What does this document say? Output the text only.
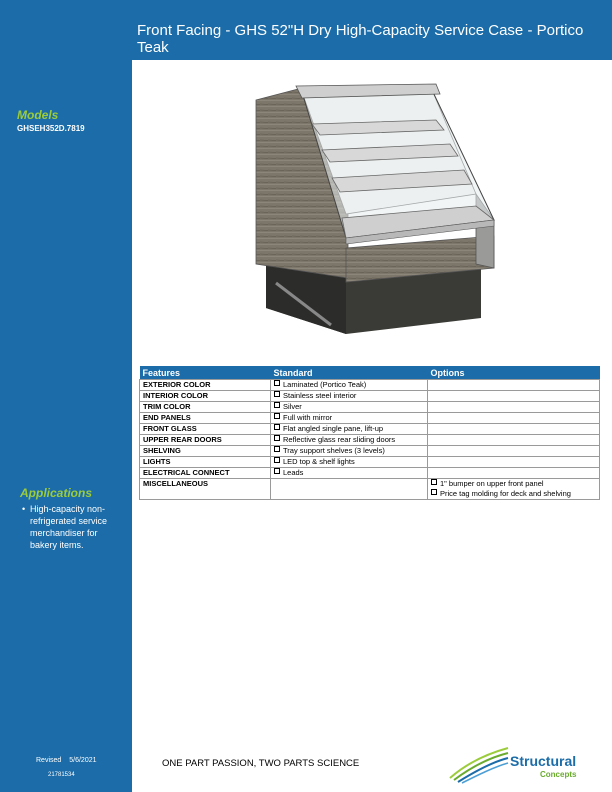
Front Facing - GHS 52"H Dry High-Capacity Service Case - Portico Teak
Models
GHSEH352D.7819
Applications
• High-capacity non-refrigerated service merchandiser for bakery items.
Revised 5/6/2021
21781534
Features	Standard	Options
EXTERIOR COLOR	Laminated (Portico Teak)	
INTERIOR COLOR	Stainless steel interior	
TRIM COLOR	Silver	
END PANELS	Full with mirror	
FRONT GLASS	Flat angled single pane, lift-up	
UPPER REAR DOORS	Reflective glass rear sliding doors	
SHELVING	Tray support shelves (3 levels)	
LIGHTS	LED top & shelf lights	
ELECTRICAL CONNECT	Leads	
MISCELLANEOUS		1" bumper on upper front panel
Price tag molding for deck and shelving
ONE PART PASSION, TWO PARTS SCIENCE	Structural
Concepts
